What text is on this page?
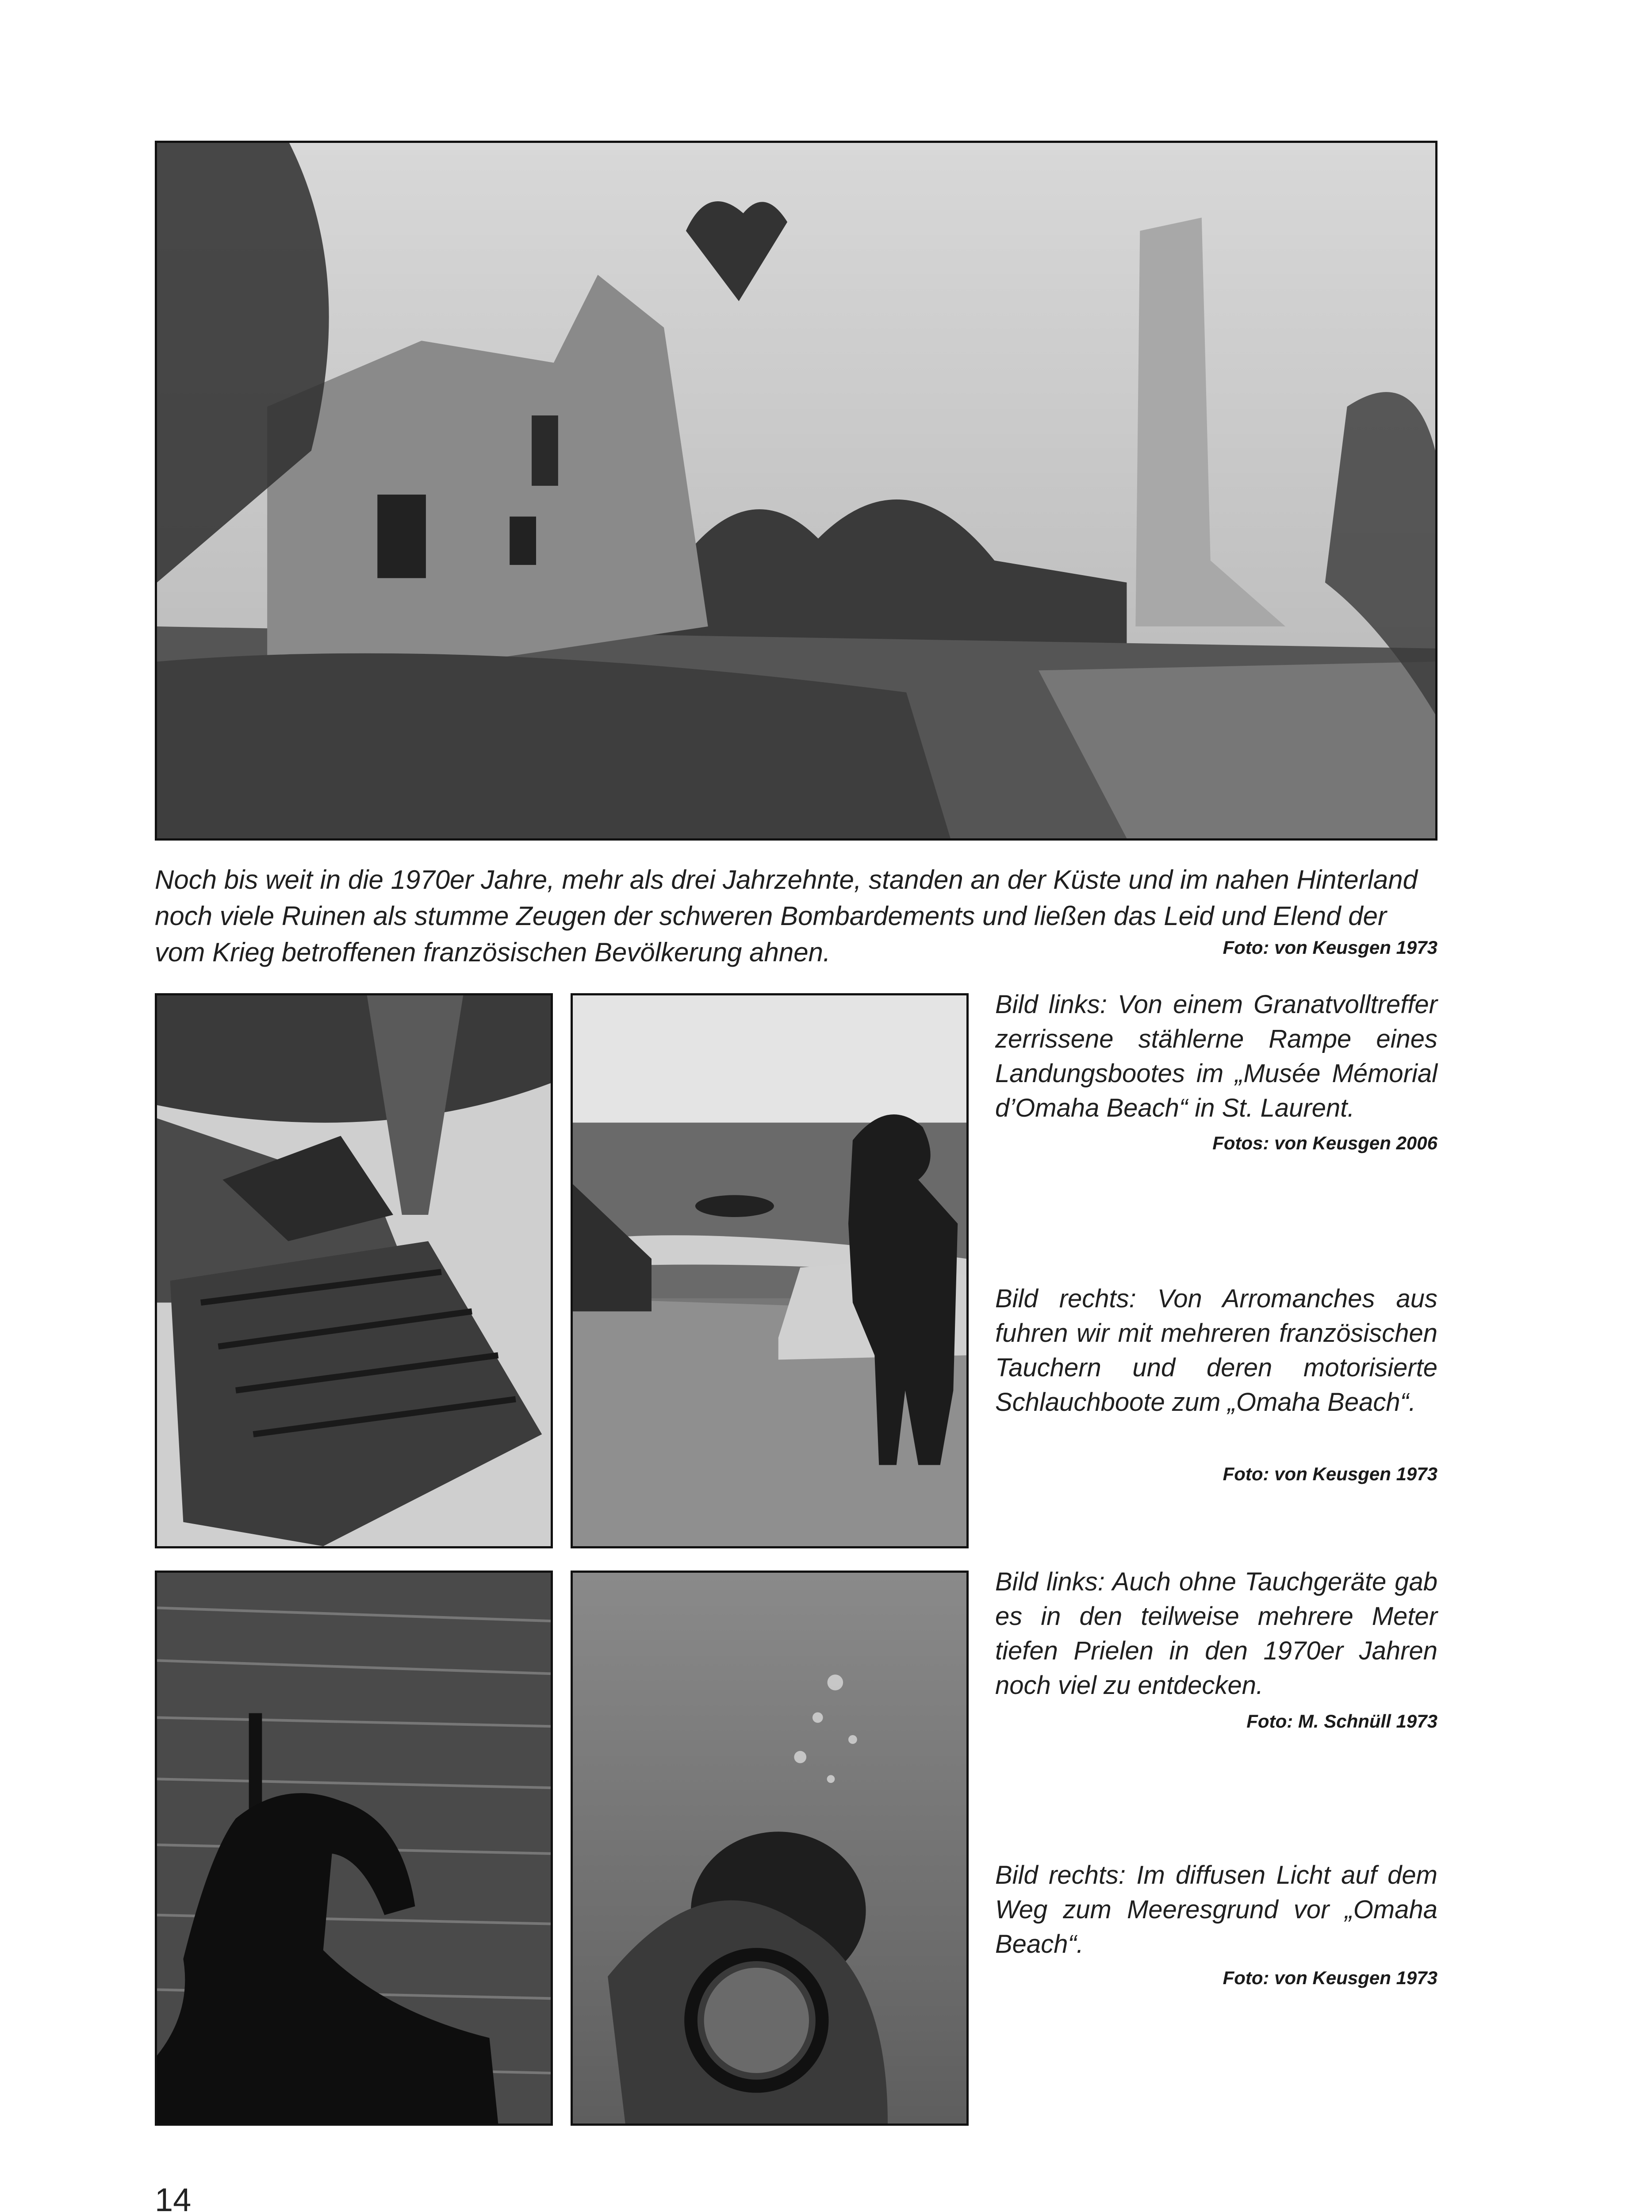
Noch bis weit in die 1970er Jahre, mehr als drei Jahrzehnte, standen an der Küste und im nahen Hinterland
noch viele Ruinen als stumme Zeugen der schweren Bombardements und ließen das Leid und Elend der
vom Krieg betroffenen französischen Bevölkerung ahnen.	Foto: von Keusgen 1973
Bild links: Von einem Granatvolltreffer zerrissene stählerne Rampe eines Landungsbootes im „Musée Mémorial d’Omaha Beach“ in St. Laurent.
Fotos: von Keusgen 2006
Bild rechts: Von Arromanches aus fuhren wir mit mehreren französischen Tauchern und deren motorisierte Schlauchboote zum „Omaha Beach“.
Foto: von Keusgen 1973
Bild links: Auch ohne Tauchgeräte gab es in den teilweise mehrere Meter tiefen Prielen in den 1970er Jahren noch viel zu entdecken.
Foto: M. Schnüll 1973
Bild rechts: Im diffusen Licht auf dem Weg zum Meeresgrund vor „Omaha Beach“.
Foto: von Keusgen 1973
14
